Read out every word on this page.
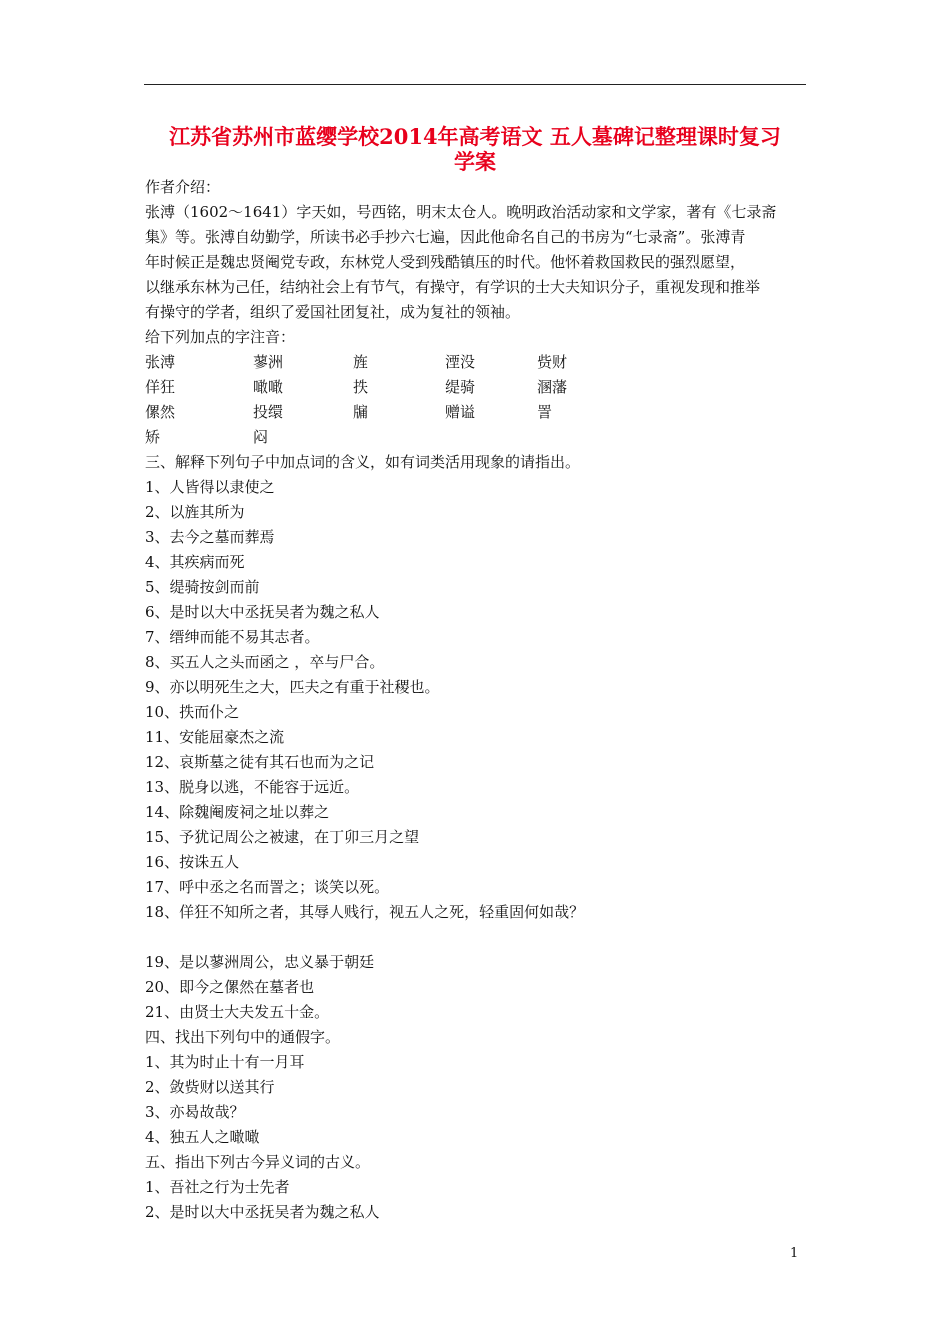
江苏省苏州市蓝缨学校2014年高考语文 五人墓碑记整理课时复习
学案
作者介绍：
张溥（1602～1641）字天如，号西铭，明末太仓人。晚明政治活动家和文学家，著有《七录斋
集》等。张溥自幼勤学，所读书必手抄六七遍，因此他命名自己的书房为“七录斋”。张溥青
年时候正是魏忠贤阉党专政，东林党人受到残酷镇压的时代。他怀着救国救民的强烈愿望，
以继承东林为己任，结纳社会上有节气，有操守，有学识的士大夫知识分子，重视发现和推举
有操守的学者，组织了爱国社团复社，成为复社的领袖。
给下列加点的字注音：
张溥	蓼洲	旌	湮没	赀财
佯狂	噉噉	抶	缇骑	溷藩
傫然	投缳	牖	赠谥	詈
矫	闷
三、解释下列句子中加点词的含义，如有词类活用现象的请指出。
1、人皆得以隶使之
2、以旌其所为
3、去今之墓而葬焉
4、其疾病而死
5、缇骑按剑而前
6、是时以大中丞抚吴者为魏之私人
7、缙绅而能不易其志者。
8、买五人之头而函之 ，卒与尸合。
9、亦以明死生之大，匹夫之有重于社稷也。
10、抶而仆之
11、安能屈豪杰之流
12、哀斯墓之徒有其石也而为之记
13、脱身以逃，不能容于远近。
14、除魏阉废祠之址以葬之
15、予犹记周公之被逮，在丁卯三月之望
16、按诛五人
17、呼中丞之名而詈之；谈笑以死。
18、佯狂不知所之者，其辱人贱行，视五人之死，轻重固何如哉？
19、是以蓼洲周公，忠义暴于朝廷
20、即今之傫然在墓者也
21、由贤士大夫发五十金。
四、找出下列句中的通假字。
1、其为时止十有一月耳
2、敛赀财以送其行
3、亦曷故哉？
4、独五人之噉噉
五、指出下列古今异义词的古义。
1、吾社之行为士先者
2、是时以大中丞抚吴者为魏之私人
1
